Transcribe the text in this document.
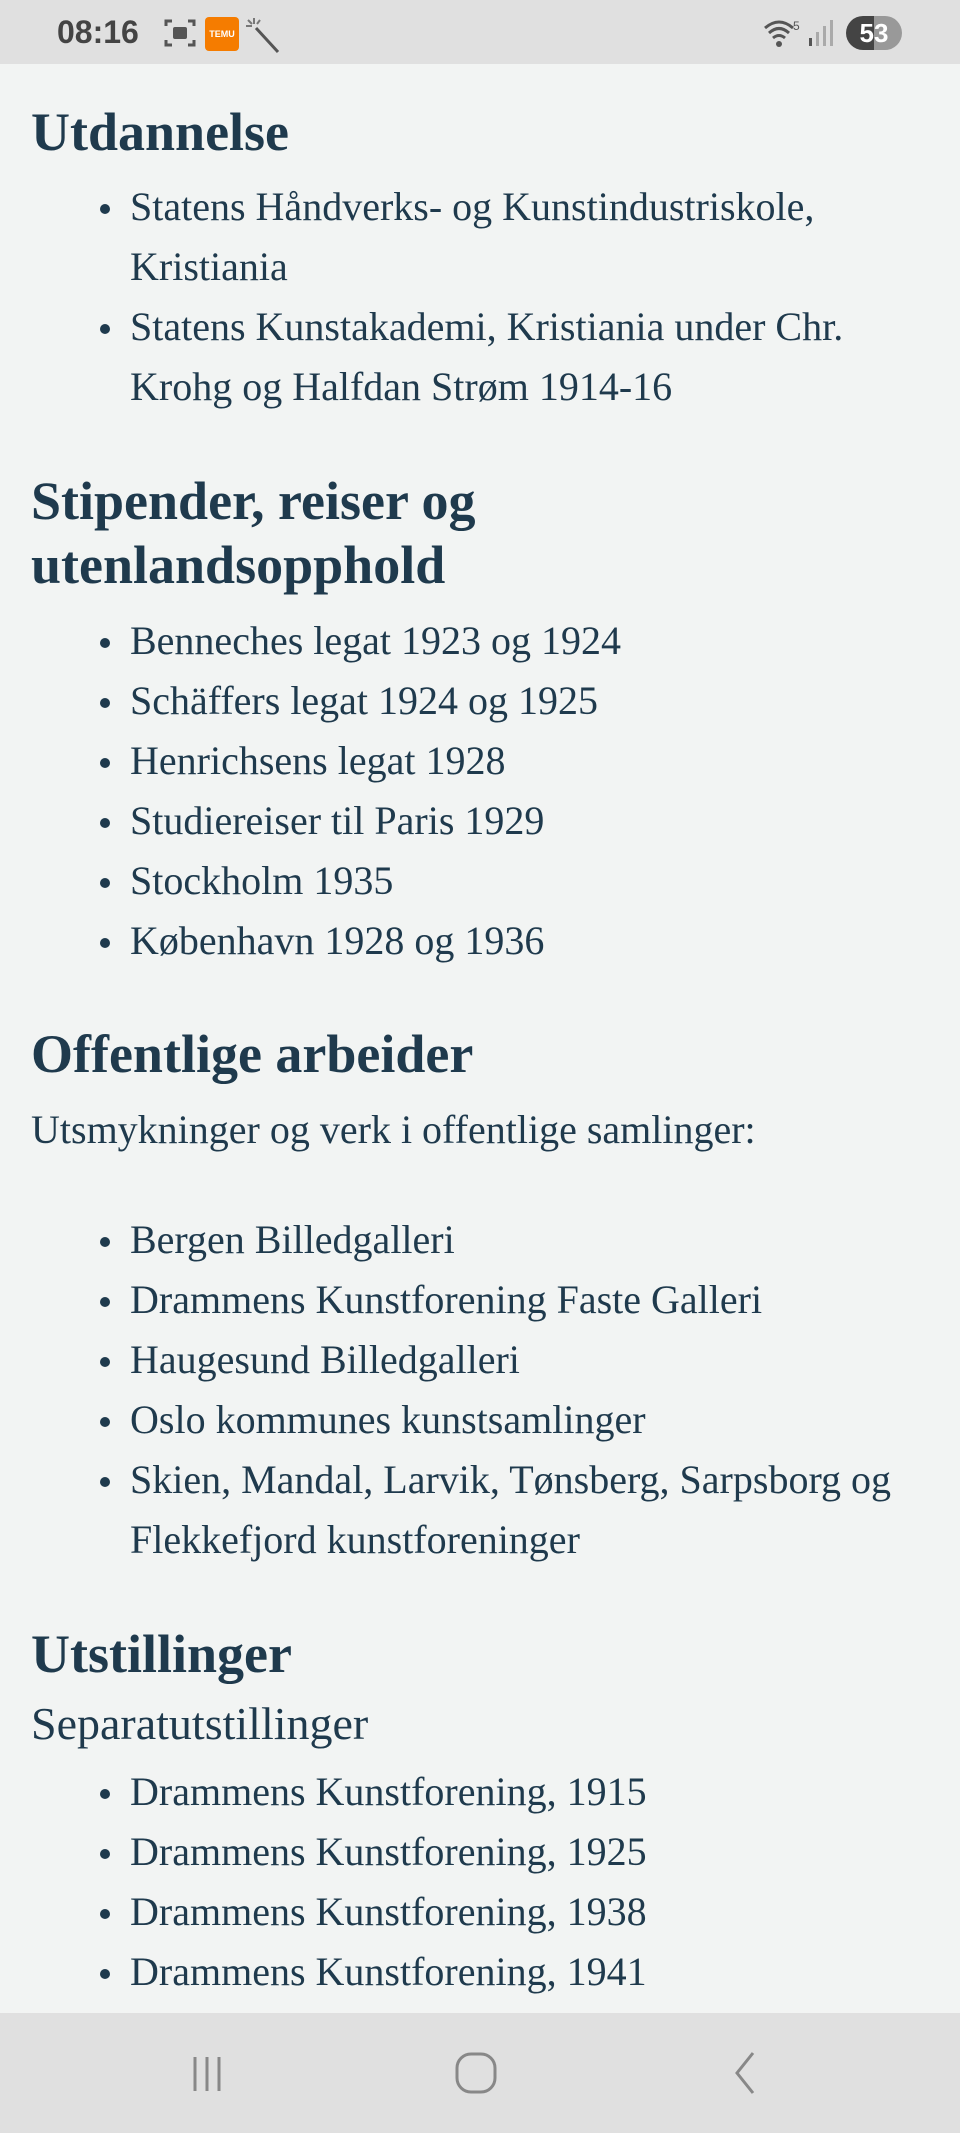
08:16	TEMU
5	53
Utdannelse
Statens Håndverks- og Kunstindustriskole, Kristiania
Statens Kunstakademi, Kristiania under Chr. Krohg og Halfdan Strøm 1914-16
Stipender, reiser og utenlandsopphold
Benneches legat 1923 og 1924
Schäffers legat 1924 og 1925
Henrichsens legat 1928
Studiereiser til Paris 1929
Stockholm 1935
København 1928 og 1936
Offentlige arbeider

Utsmykninger og verk i offentlige samlinger:

Bergen Billedgalleri
Drammens Kunstforening Faste Galleri
Haugesund Billedgalleri
Oslo kommunes kunstsamlinger
Skien, Mandal, Larvik, Tønsberg, Sarpsborg og Flekkefjord kunstforeninger
Utstillinger
Separatutstillinger
Drammens Kunstforening, 1915
Drammens Kunstforening, 1925
Drammens Kunstforening, 1938
Drammens Kunstforening, 1941
